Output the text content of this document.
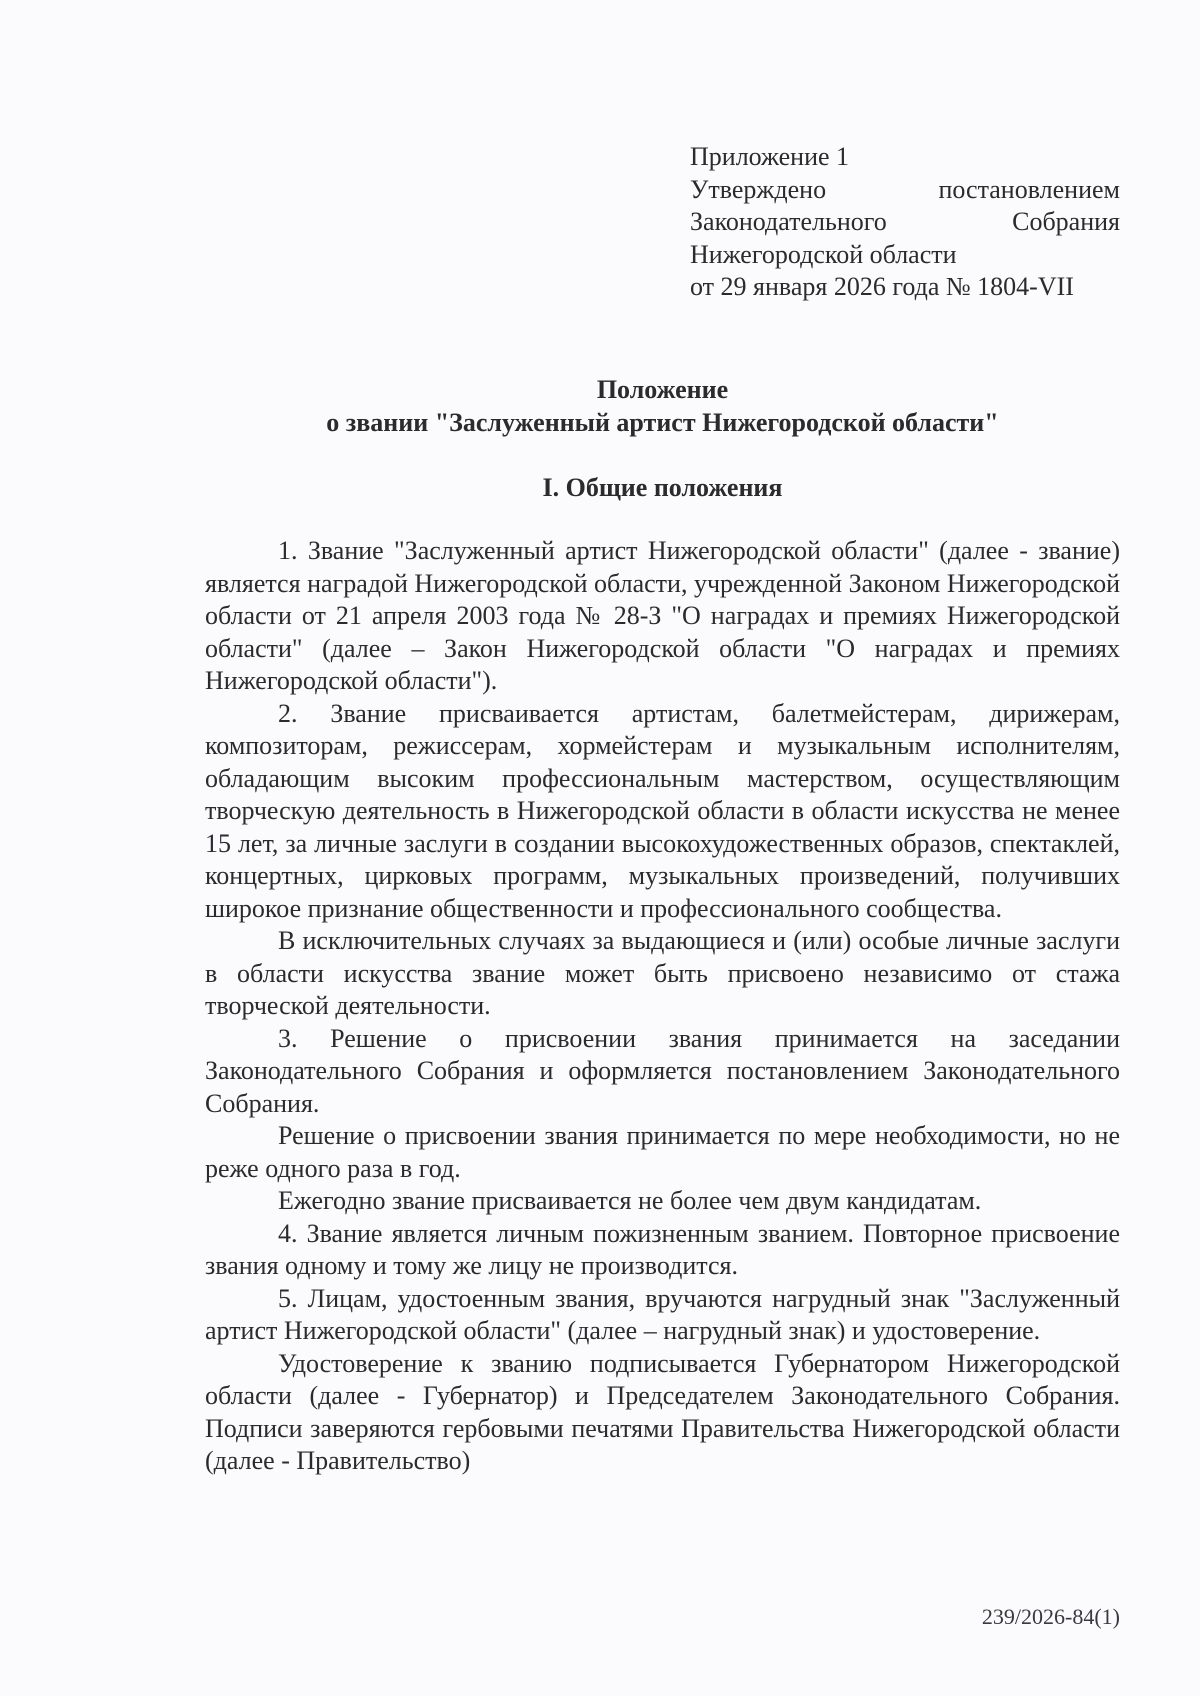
Приложение 1
Утверждено постановлением
Законодательного Собрания
Нижегородской области
от 29 января 2026 года № 1804-VII
Положение
о звании "Заслуженный артист Нижегородской области"
I. Общие положения

1. Звание "Заслуженный артист Нижегородской области" (далее - звание) является наградой Нижегородской области, учрежденной Законом Нижегородской области от 21 апреля 2003 года № 28-З "О наградах и премиях Нижегородской области" (далее – Закон Нижегородской области "О наградах и премиях Нижегородской области").

2. Звание присваивается артистам, балетмейстерам, дирижерам, композиторам, режиссерам, хормейстерам и музыкальным исполнителям, обладающим высоким профессиональным мастерством, осуществляющим творческую деятельность в Нижегородской области в области искусства не менее 15 лет, за личные заслуги в создании высокохудожественных образов, спектаклей, концертных, цирковых программ, музыкальных произведений, получивших широкое признание общественности и профессионального сообщества.

В исключительных случаях за выдающиеся и (или) особые личные заслуги в области искусства звание может быть присвоено независимо от стажа творческой деятельности.

3. Решение о присвоении звания принимается на заседании Законодательного Собрания и оформляется постановлением Законодательного Собрания.

Решение о присвоении звания принимается по мере необходимости, но не реже одного раза в год.

Ежегодно звание присваивается не более чем двум кандидатам.

4. Звание является личным пожизненным званием. Повторное присвоение звания одному и тому же лицу не производится.

5. Лицам, удостоенным звания, вручаются нагрудный знак "Заслуженный артист Нижегородской области" (далее – нагрудный знак) и удостоверение.

Удостоверение к званию подписывается Губернатором Нижегородской области (далее - Губернатор) и Председателем Законодательного Собрания. Подписи заверяются гербовыми печатями Правительства Нижегородской области (далее - Правительство)

239/2026-84(1)
